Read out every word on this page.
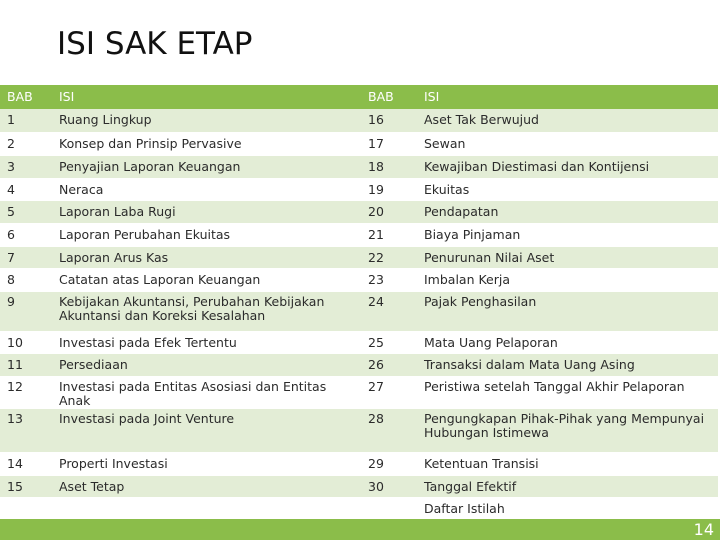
ISI SAK ETAP
BAB	ISI	BAB	ISI
1	Ruang Lingkup	16	Aset Tak Berwujud
2	Konsep dan Prinsip Pervasive	17	Sewan
3	Penyajian Laporan Keuangan	18	Kewajiban Diestimasi dan Kontijensi
4	Neraca	19	Ekuitas
5	Laporan Laba Rugi	20	Pendapatan
6	Laporan Perubahan Ekuitas	21	Biaya Pinjaman
7	Laporan Arus Kas	22	Penurunan Nilai Aset
8	Catatan atas Laporan Keuangan	23	Imbalan Kerja
9	Kebijakan Akuntansi, Perubahan Kebijakan Akuntansi dan Koreksi Kesalahan	24	Pajak Penghasilan
10	Investasi pada Efek Tertentu	25	Mata Uang Pelaporan
11	Persediaan	26	Transaksi dalam Mata Uang Asing
12	Investasi pada Entitas Asosiasi dan Entitas Anak	27	Peristiwa setelah Tanggal Akhir Pelaporan
13	Investasi pada Joint Venture	28	Pengungkapan Pihak-Pihak yang Mempunyai Hubungan Istimewa
14	Properti Investasi	29	Ketentuan Transisi
15	Aset Tetap	30	Tanggal Efektif
			Daftar Istilah
14
